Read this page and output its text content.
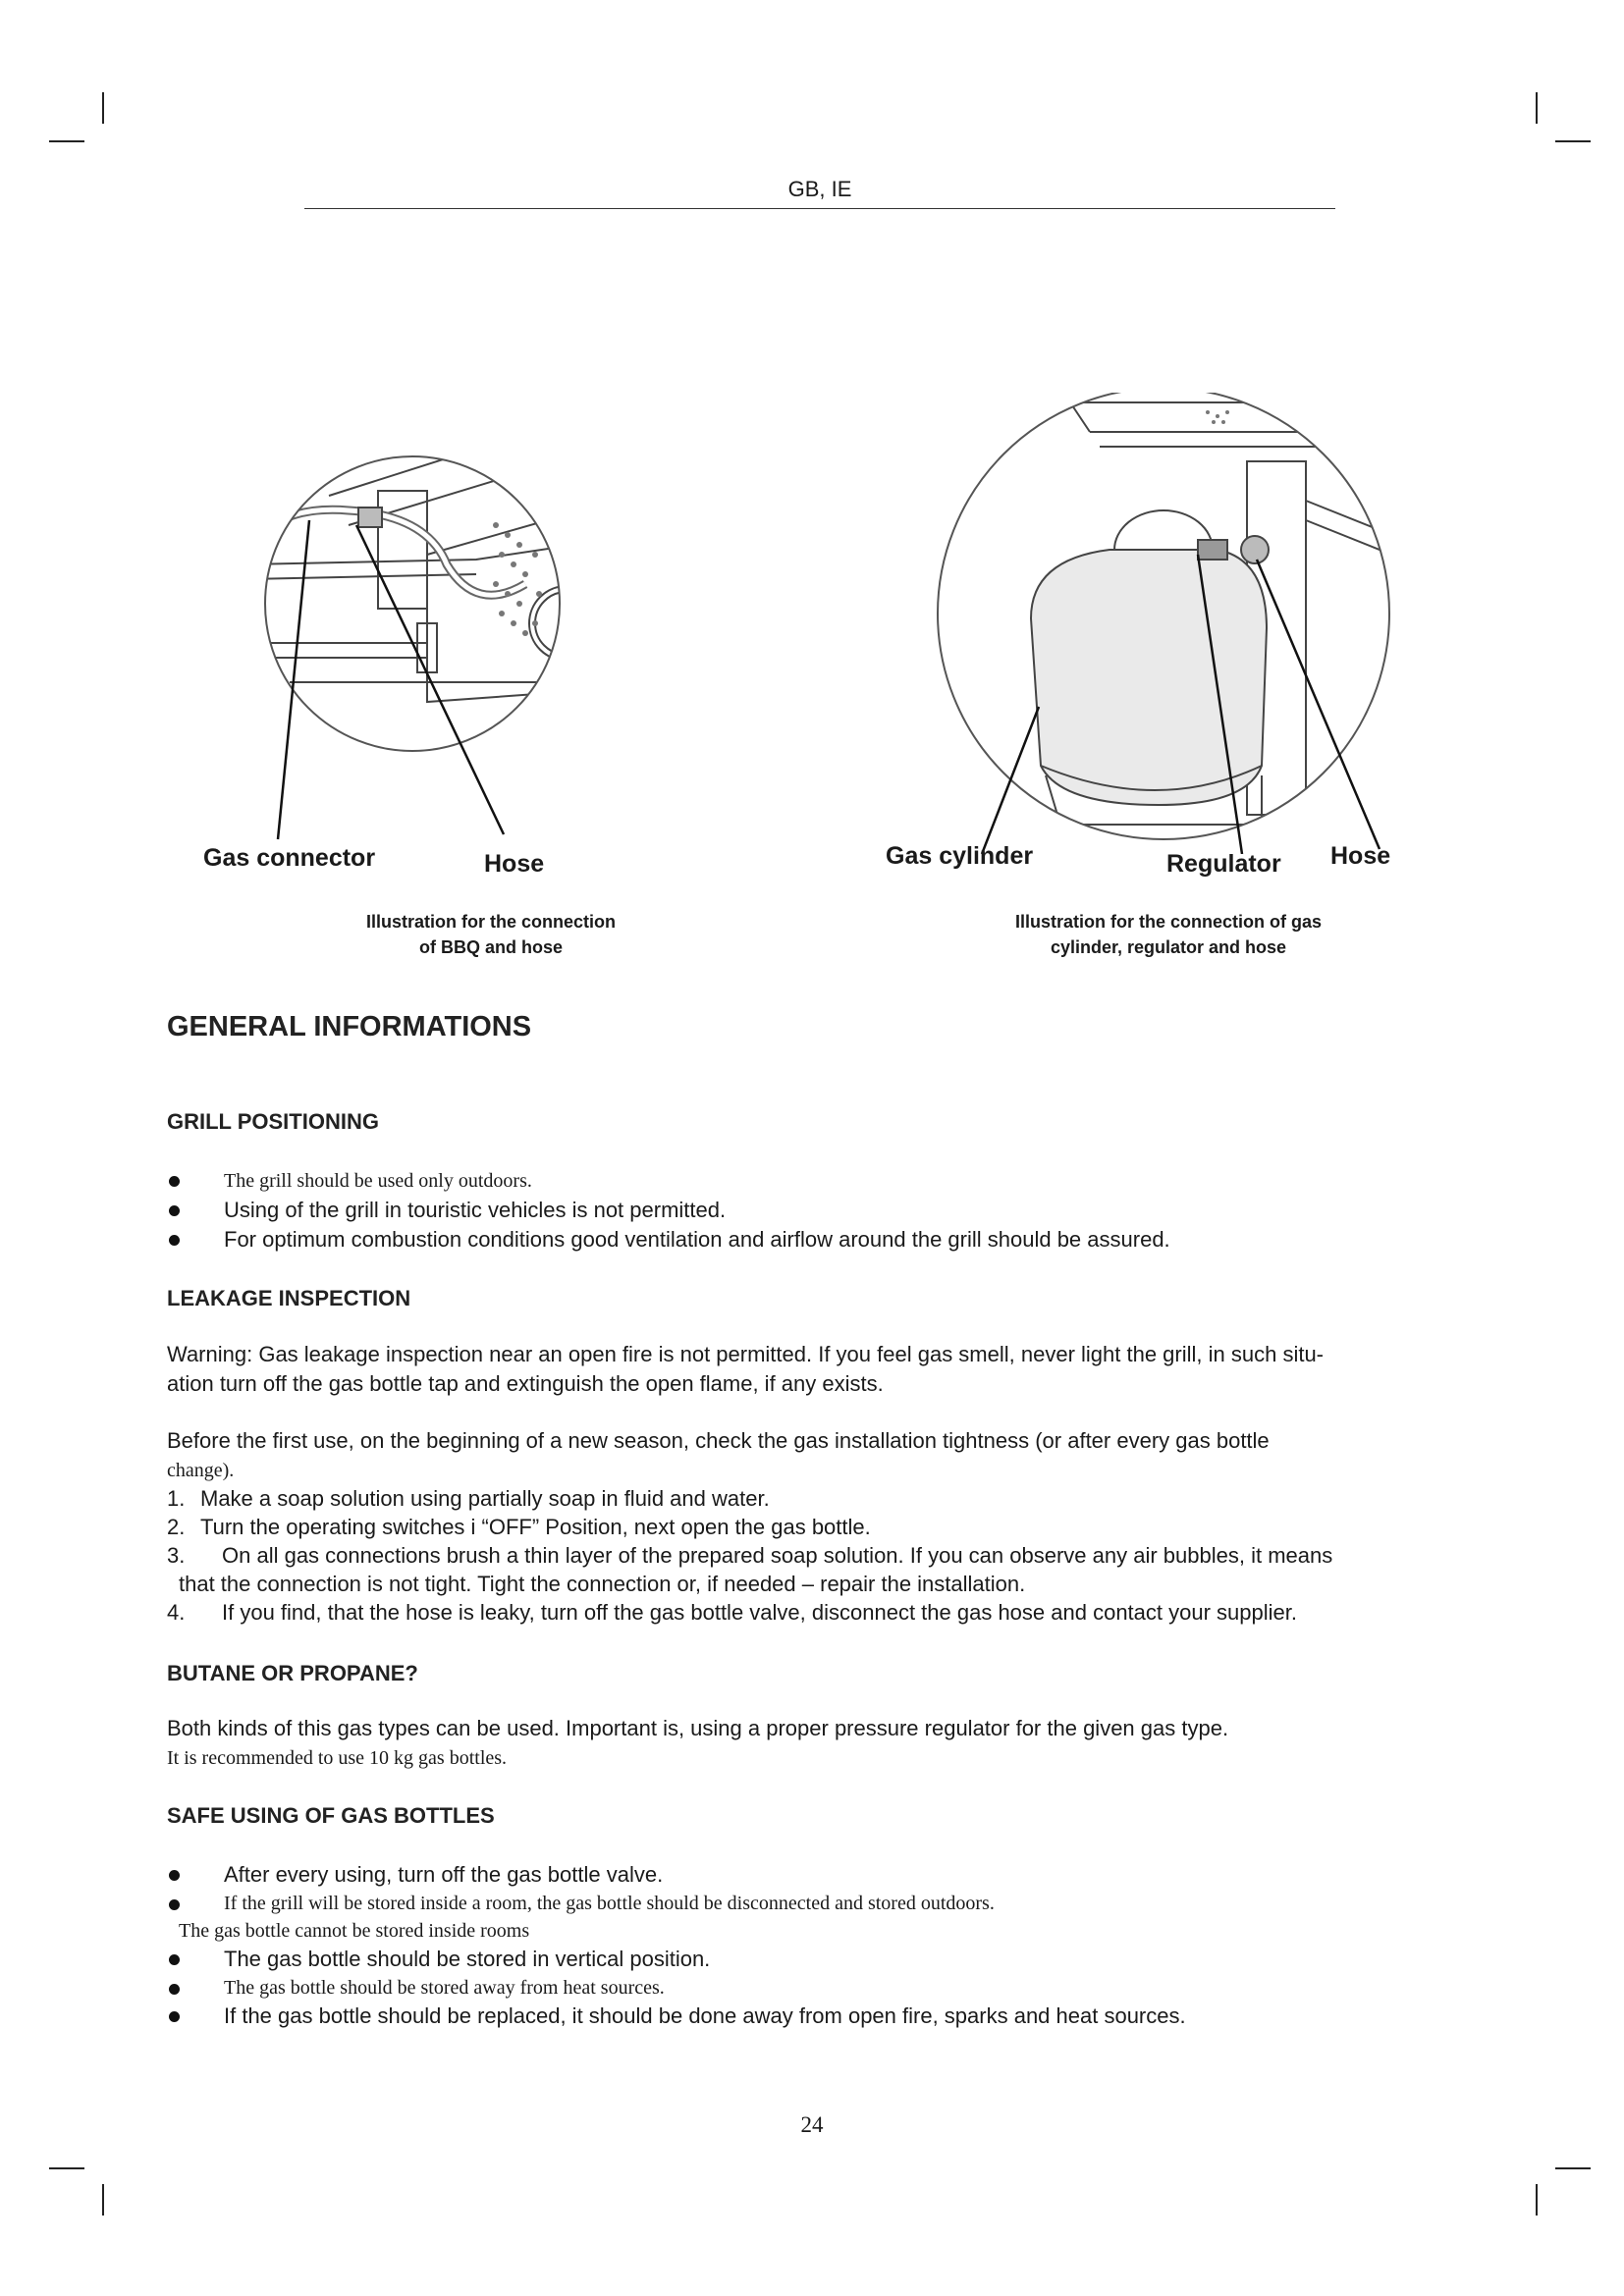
GB, IE
Gas connector	Hose
Illustration for the connection
of BBQ and hose
Gas cylinder	Regulator Hose
Illustration for the connection of gas
cylinder, regulator and hose
GENERAL INFORMATIONS
GRILL POSITIONING
The grill should be used only outdoors.
Using of the grill in touristic vehicles is not permitted.
For optimum combustion conditions good ventilation and airflow around the grill should be assured.
LEAKAGE INSPECTION
Warning: Gas leakage inspection near an open fire is not permitted. If you feel gas smell, never light the grill, in such situ-
ation turn off the gas bottle tap and extinguish the open flame, if any exists.
Before the first use, on the beginning of a new season, check the gas installation tightness (or after every gas bottle
change).
1. Make a soap solution using partially soap in fluid and water.
2. Turn the operating switches i “OFF” Position, next open the gas bottle.
3. On all gas connections brush a thin layer of the prepared soap solution. If you can observe any air bubbles, it means
that the connection is not tight. Tight the connection or, if needed – repair the installation.
4. If you find, that the hose is leaky, turn off the gas bottle valve, disconnect the gas hose and contact your supplier.
BUTANE OR PROPANE?
Both kinds of this gas types can be used. Important is, using a proper pressure regulator for the given gas type.
It is recommended to use 10 kg gas bottles.
SAFE USING OF GAS BOTTLES
After every using, turn off the gas bottle valve.
If the grill will be stored inside a room, the gas bottle should be disconnected and stored outdoors.
The gas bottle cannot be stored inside rooms
The gas bottle should be stored in vertical position.
The gas bottle should be stored away from heat sources.
If the gas bottle should be replaced, it should be done away from open fire, sparks and heat sources.
24
